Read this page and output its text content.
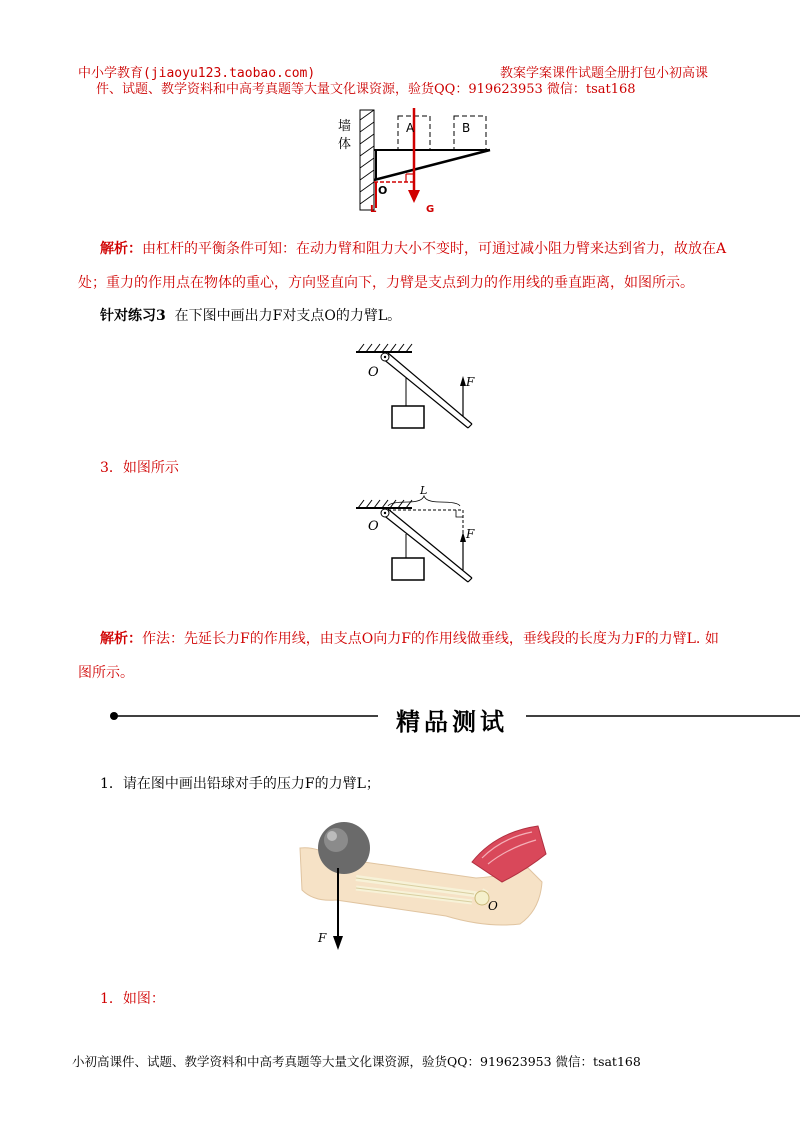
中小学教育(jiaoyu123.taobao.com)	教案学案课件试题全册打包小初高课
件、试题、教学资料和中高考真题等大量文化课资源，验货QQ：919623953 微信：tsat168
墙
体
O
L	G
A	B
解析：由杠杆的平衡条件可知：在动力臂和阻力大小不变时，可通过减小阻力臂来达到省力，故放在A
处；重力的作用点在物体的重心，方向竖直向下，力臂是支点到力的作用线的垂直距离，如图所示。
针对练习3 在下图中画出力F对支点O的力臂L。
F
O
3．如图所示
L
F
O
解析：作法：先延长力F的作用线，由支点O向力F的作用线做垂线，垂线段的长度为力F的力臂L. 如
图所示。
精品测试
1．请在图中画出铅球对手的压力F的力臂L；
F
O
1．如图：
小初高课件、试题、教学资料和中高考真题等大量文化课资源，验货QQ：919623953 微信：tsat168
